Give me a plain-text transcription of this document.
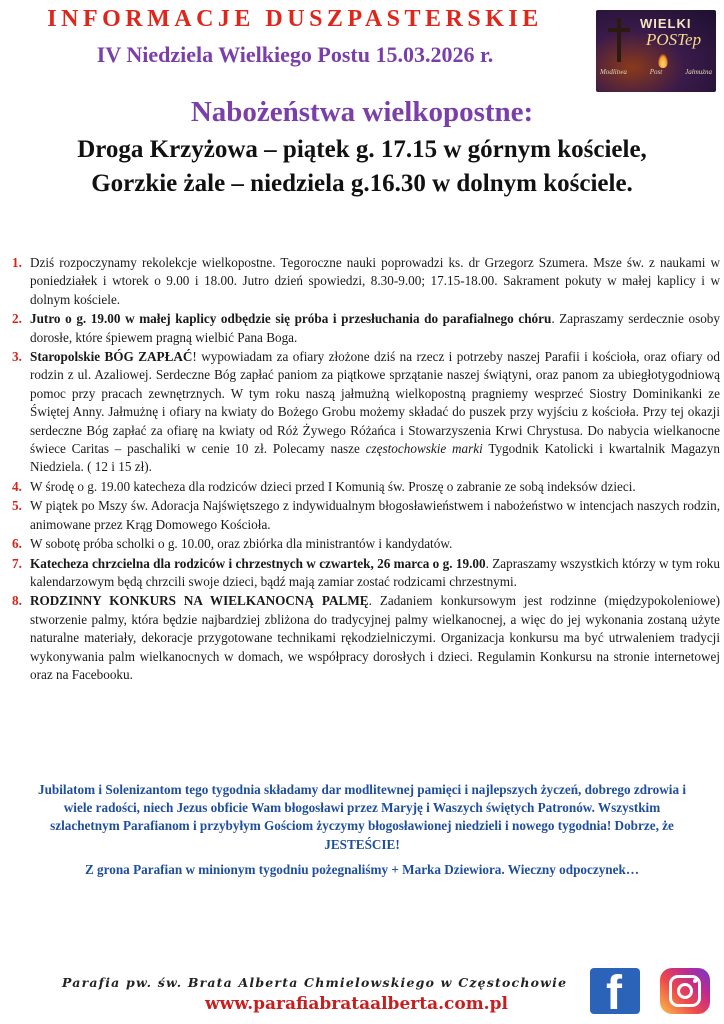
INFORMACJE DUSZPASTERSKIE
IV Niedziela Wielkiego Postu 15.03.2026 r.
WIELKI
POSTep
Modlitwa	Post	Jałmużna
Nabożeństwa wielkopostne:
Droga Krzyżowa – piątek g. 17.15 w górnym kościele,
Gorzkie żale – niedziela g.16.30 w dolnym kościele.
1. Dziś rozpoczynamy rekolekcje wielkopostne. Tegoroczne nauki poprowadzi ks. dr Grzegorz Szumera. Msze św. z naukami w poniedziałek i wtorek o 9.00 i 18.00. Jutro dzień spowiedzi, 8.30-9.00; 17.15-18.00. Sakrament pokuty w małej kaplicy i w dolnym kościele.
2. Jutro o g. 19.00 w małej kaplicy odbędzie się próba i przesłuchania do parafialnego chóru. Zapraszamy serdecznie osoby dorosłe, które śpiewem pragną wielbić Pana Boga.
3. Staropolskie BÓG ZAPŁAĆ! wypowiadam za ofiary złożone dziś na rzecz i potrzeby naszej Parafii i kościoła, oraz ofiary od rodzin z ul. Azaliowej. Serdeczne Bóg zapłać paniom za piątkowe sprzątanie naszej świątyni, oraz panom za ubiegłotygodniową pomoc przy pracach zewnętrznych. W tym roku naszą jałmużną wielkopostną pragniemy wesprzeć Siostry Dominikanki ze Świętej Anny. Jałmużnę i ofiary na kwiaty do Bożego Grobu możemy składać do puszek przy wyjściu z kościoła. Przy tej okazji serdeczne Bóg zapłać za ofiarę na kwiaty od Róż Żywego Różańca i Stowarzyszenia Krwi Chrystusa. Do nabycia wielkanocne świece Caritas – paschaliki w cenie 10 zł. Polecamy nasze częstochowskie marki Tygodnik Katolicki i kwartalnik Magazyn Niedziela. ( 12 i 15 zł).
4. W środę o g. 19.00 katecheza dla rodziców dzieci przed I Komunią św. Proszę o zabranie ze sobą indeksów dzieci.
5. W piątek po Mszy św. Adoracja Najświętszego z indywidualnym błogosławieństwem i nabożeństwo w intencjach naszych rodzin, animowane przez Krąg Domowego Kościoła.
6. W sobotę próba scholki o g. 10.00, oraz zbiórka dla ministrantów i kandydatów.
7. Katecheza chrzcielna dla rodziców i chrzestnych w czwartek, 26 marca o g. 19.00. Zapraszamy wszystkich którzy w tym roku kalendarzowym będą chrzcili swoje dzieci, bądź mają zamiar zostać rodzicami chrzestnymi.
8. RODZINNY KONKURS NA WIELKANOCNĄ PALMĘ. Zadaniem konkursowym jest rodzinne (międzypokoleniowe) stworzenie palmy, która będzie najbardziej zbliżona do tradycyjnej palmy wielkanocnej, a więc do jej wykonania zostaną użyte naturalne materiały, dekoracje przygotowane technikami rękodzielniczymi. Organizacja konkursu ma być utrwaleniem tradycji wykonywania palm wielkanocnych w domach, we współpracy dorosłych i dzieci. Regulamin Konkursu na stronie internetowej oraz na Facebooku.
Jubilatom i Solenizantom tego tygodnia składamy dar modlitewnej pamięci i najlepszych życzeń, dobrego zdrowia i wiele radości, niech Jezus obficie Wam błogosławi przez Maryję i Waszych świętych Patronów. Wszystkim szlachetnym Parafianom i przybyłym Gościom życzymy błogosławionej niedzieli i nowego tygodnia! Dobrze, że JESTEŚCIE!
Z grona Parafian w minionym tygodniu pożegnaliśmy + Marka Dziewiora. Wieczny odpoczynek…
Parafia pw. św. Brata Alberta Chmielowskiego w Częstochowie
www.parafiabrataalberta.com.pl f
